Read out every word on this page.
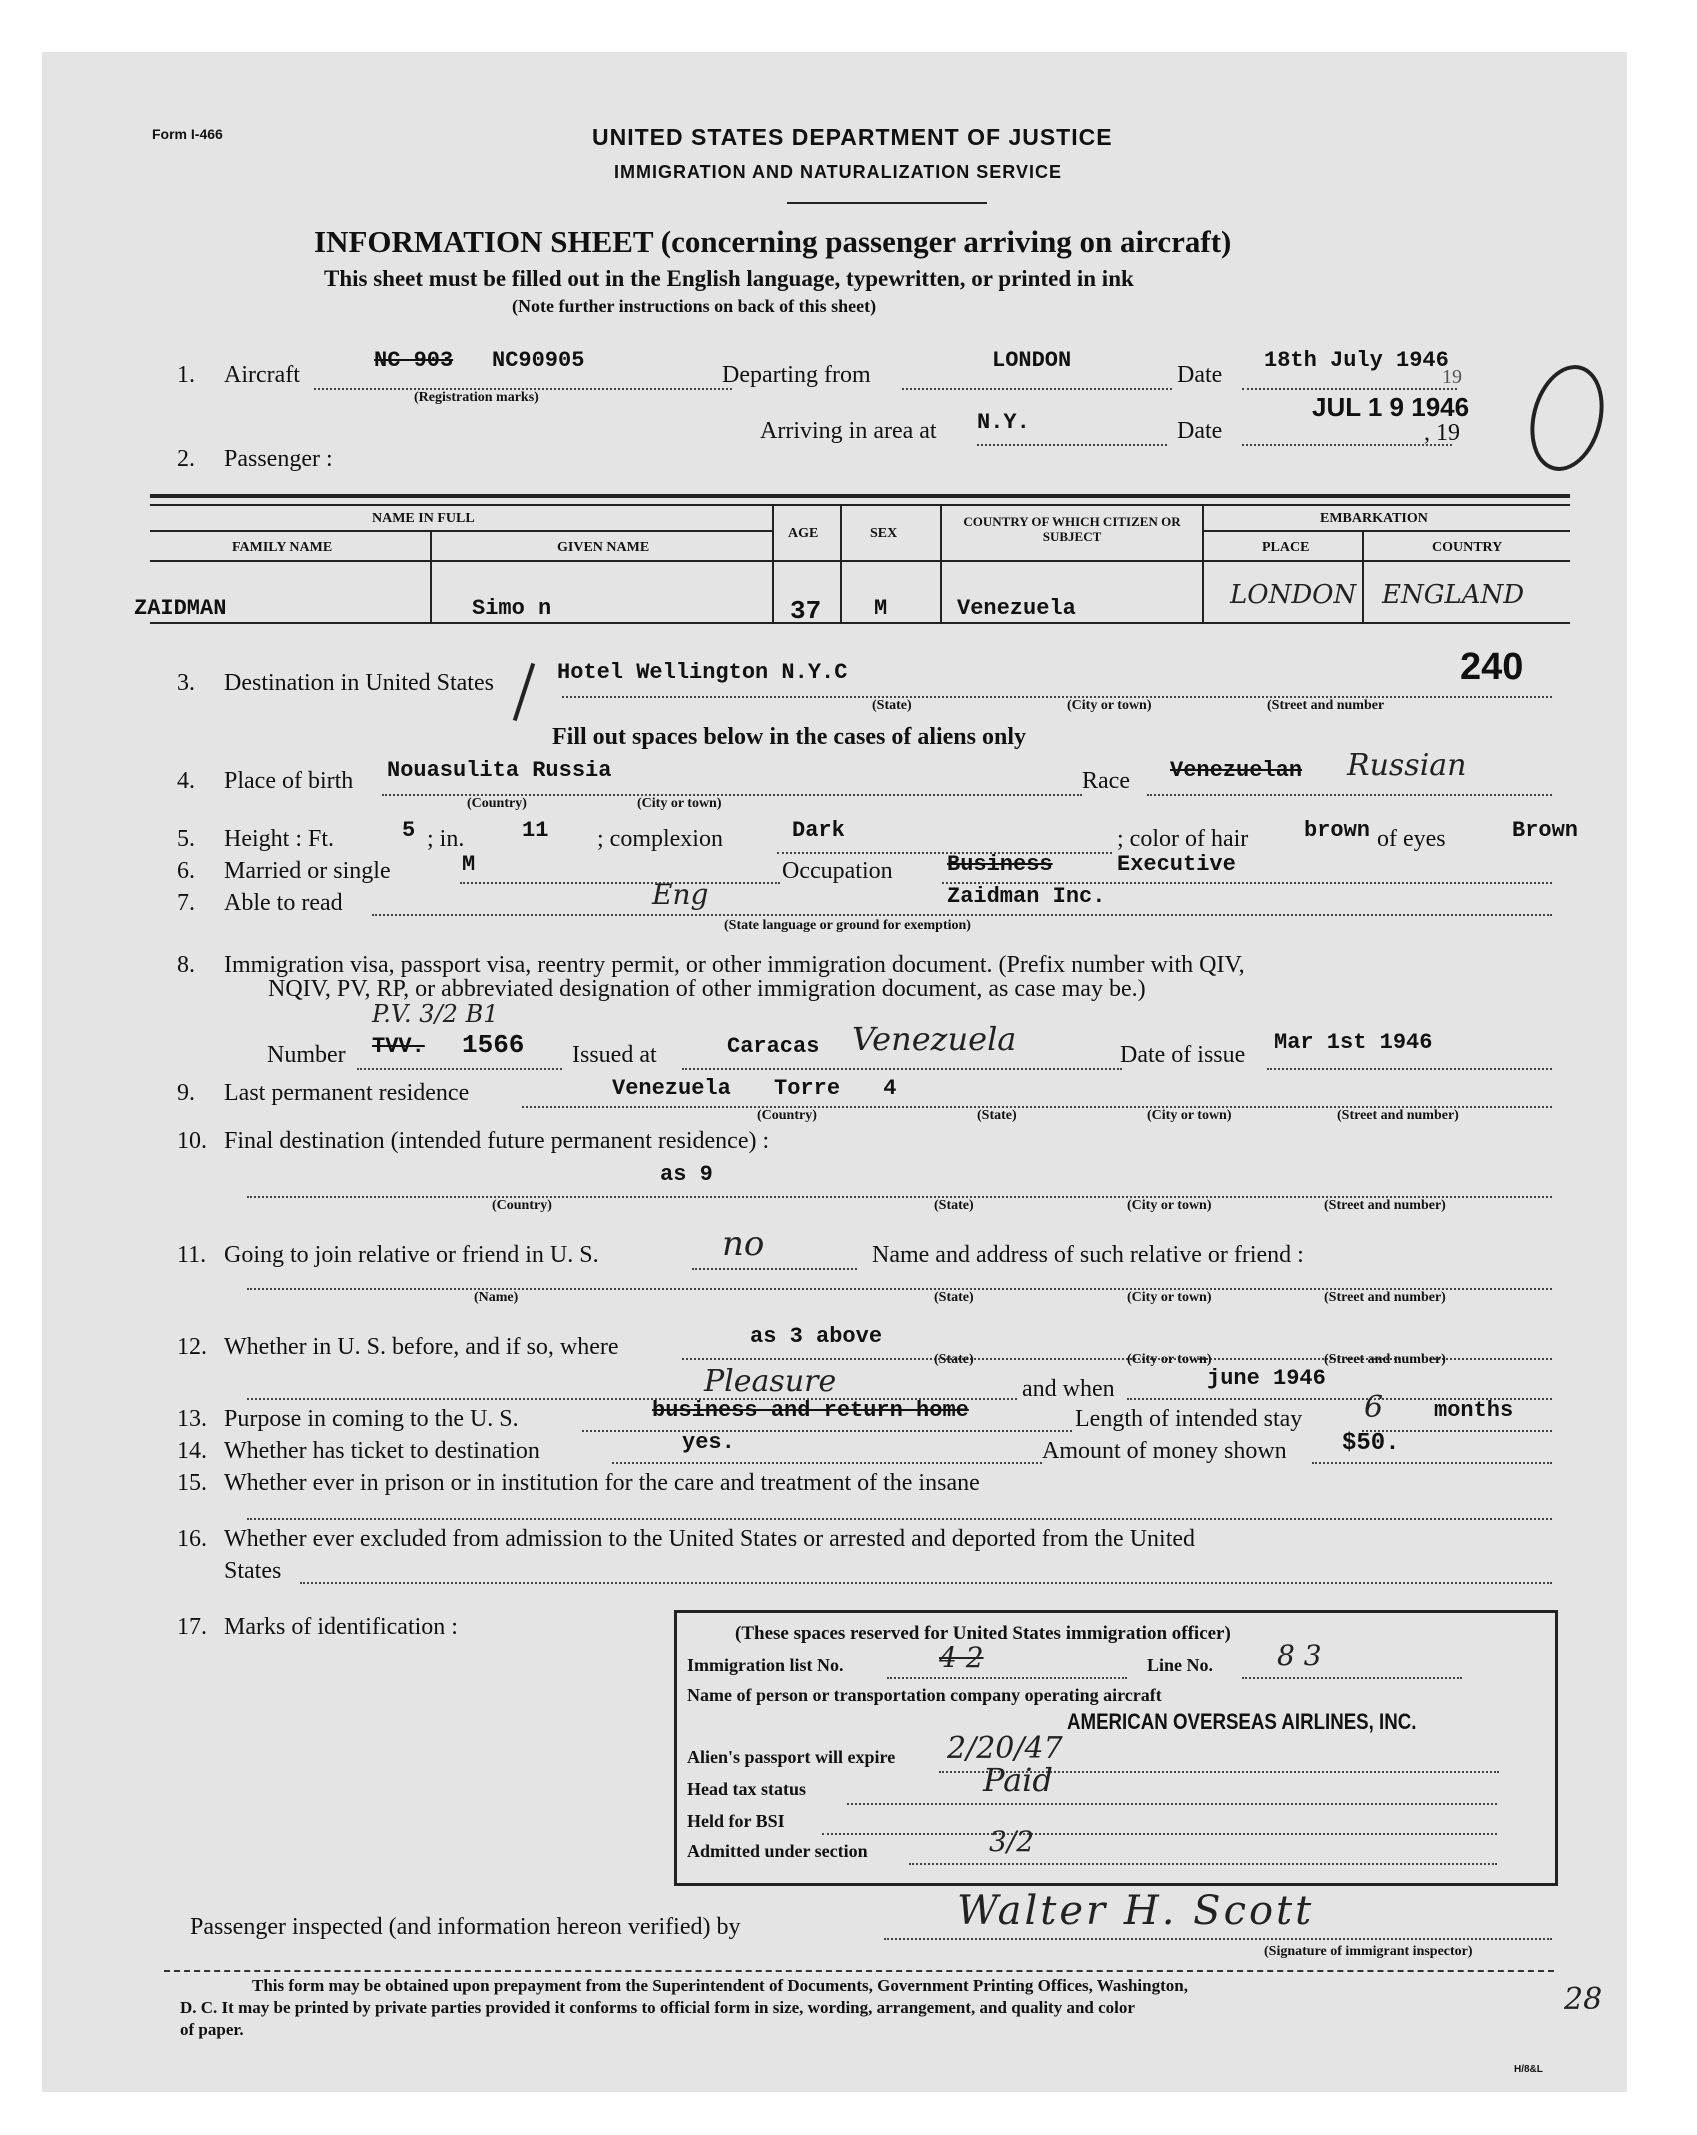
Form I-466	UNITED STATES DEPARTMENT OF JUSTICE
IMMIGRATION AND NATURALIZATION SERVICE
INFORMATION SHEET (concerning passenger arriving on aircraft)
This sheet must be filled out in the English language, typewritten, or printed in ink
(Note further instructions on back of this sheet)
1. Aircraft
NC 903 NC90905
(Registration marks)
Departing from
LONDON
Date
18th July 1946
19
Arriving in area at N.Y.	Date	, 19
JUL 1 9 1946
2. Passenger :
NAME IN FULL
FAMILY NAME	GIVEN NAME
AGE	SEX
COUNTRY OF WHICH CITIZEN OR SUBJECT
EMBARKATION
PLACE	COUNTRY
ZAIDMAN	Simo n	37 M	Venezuela	LONDON ENGLAND
3. Destination in United States	Hotel Wellington N.Y.C	240
(State)	(City or town)	(Street and number
Fill out spaces below in the cases of aliens only
4. Place of birth Nouasulita Russia
(Country)	(City or town)
Race Venezuelan Russian
5. Height : Ft.	5 ; in.	11 ; complexion	Dark	; color of hair	brown of eyes	Brown
6. Married or single	M	Occupation Business	Executive
7. Able to read	Eng	Zaidman Inc.
(State language or ground for exemption)
8. Immigration visa, passport visa, reentry permit, or other immigration document. (Prefix number with QIV,
NQIV, PV, RP, or abbreviated designation of other immigration document, as case may be.)
P.V. 3/2 B1
Number TVV. 1566 Issued at	Caracas Venezuela	Date of issue Mar 1st 1946
9. Last permanent residence	Venezuela Torre 4
(Country)	(State)	(City or town)	(Street and number)
10. Final destination (intended future permanent residence) :
as 9
(Country)	(State)	(City or town)	(Street and number)
11. Going to join relative or friend in U. S.	no	Name and address of such relative or friend :
(Name)	(State)	(City or town)	(Street and number)
12. Whether in U. S. before, and if so, where	as 3 above
(State)	(City or town)	(Street and number)
Pleasure	and when	june 1946
13. Purpose in coming to the U. S.	business and return home	Length of intended stay 6 months
14. Whether has ticket to destination	yes.	Amount of money shown $50.
15. Whether ever in prison or in institution for the care and treatment of the insane
16. Whether ever excluded from admission to the United States or arrested and deported from the United
States
17. Marks of identification :	(These spaces reserved for United States immigration officer)
Immigration list No.	4 2	Line No. 8 3
Name of person or transportation company operating aircraft
AMERICAN OVERSEAS AIRLINES, INC.
Alien's passport will expire 2/20/47
Head tax status	Paid
Held for BSI
Admitted under section	3/2
Passenger inspected (and information hereon verified) by	Walter H. Scott
(Signature of immigrant inspector)
This form may be obtained upon prepayment from the Superintendent of Documents, Government Printing Offices, Washington,
D. C. It may be printed by private parties provided it conforms to official form in size, wording, arrangement, and quality and color
of paper.
28
H/8&L
